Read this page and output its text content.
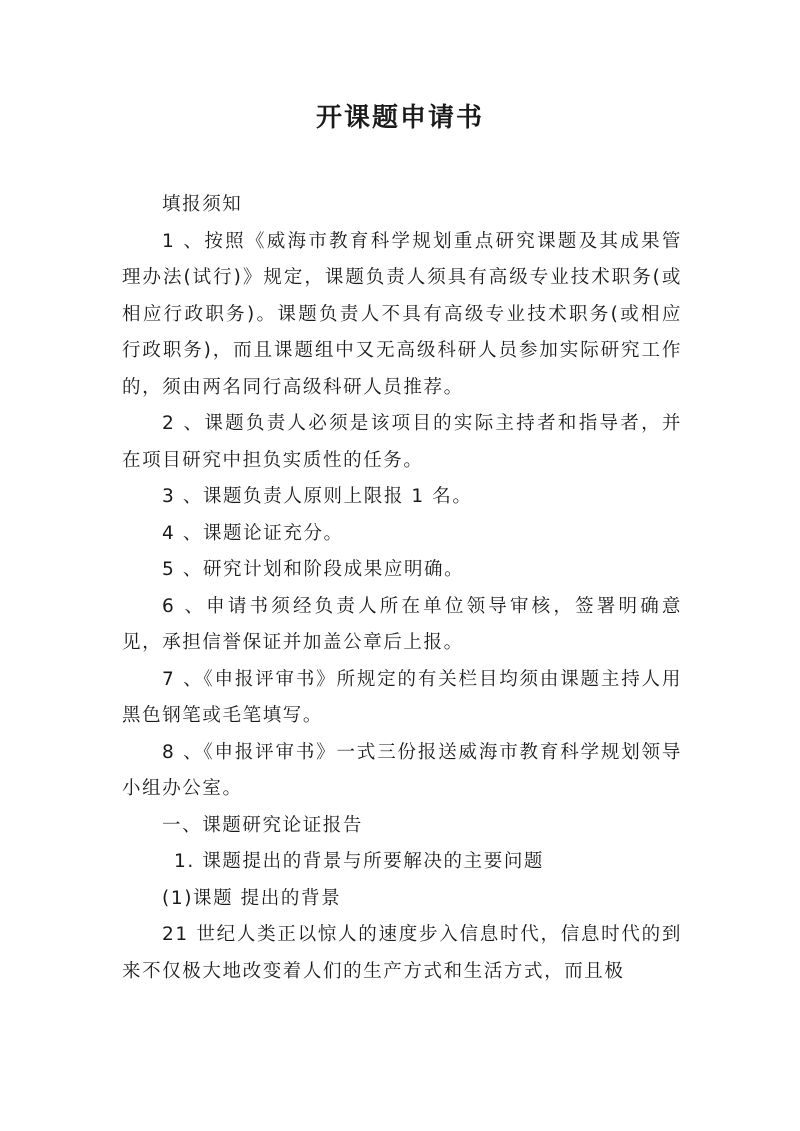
开课题申请书

填报须知

1 、按照《威海市教育科学规划重点研究课题及其成果管理办法(试行)》规定，课题负责人须具有高级专业技术职务(或相应行政职务)。课题负责人不具有高级专业技术职务(或相应行政职务)，而且课题组中又无高级科研人员参加实际研究工作的，须由两名同行高级科研人员推荐。

2 、课题负责人必须是该项目的实际主持者和指导者，并在项目研究中担负实质性的任务。

3 、课题负责人原则上限报 1 名。

4 、课题论证充分。

5 、研究计划和阶段成果应明确。

6 、申请书须经负责人所在单位领导审核，签署明确意见，承担信誉保证并加盖公章后上报。

7 、《申报评审书》所规定的有关栏目均须由课题主持人用黑色钢笔或毛笔填写。

8 、《申报评审书》一式三份报送威海市教育科学规划领导小组办公室。

一、课题研究论证报告

1. 课题提出的背景与所要解决的主要问题

(1)课题 提出的背景

21 世纪人类正以惊人的速度步入信息时代，信息时代的到来不仅极大地改变着人们的生产方式和生活方式，而且极
